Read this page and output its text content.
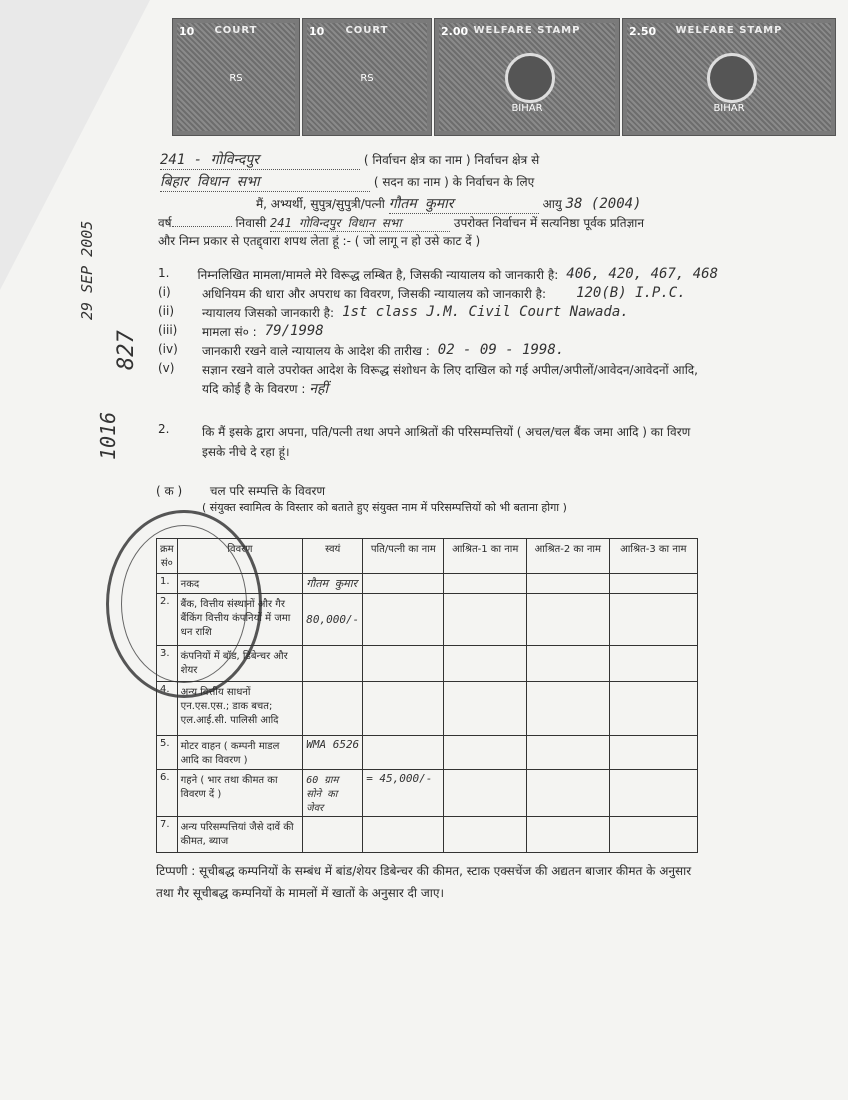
10	COURT
RS
10	COURT
RS
2.00 WELFARE STAMP
BIHAR
2.50	WELFARE STAMP
BIHAR
241 - गोविन्दपुर	( निर्वाचन क्षेत्र का नाम ) निर्वाचन क्षेत्र से
बिहार विधान सभा	( सदन का नाम ) के निर्वाचन के लिए
मैं, अभ्यर्थी, सुपुत्र/सुपुत्री/पत्नी गौतम कुमार	आयु 38 (2004)
वर्ष	निवासी 241 गोविन्दपुर विधान सभा	उपरोक्त निर्वाचन में सत्यनिष्ठा पूर्वक प्रतिज्ञान
और निम्न प्रकार से एतद्द्वारा शपथ लेता हूं :- ( जो लागू न हो उसे काट दें )
29 SEP 2005
1016
827
1.	निम्नलिखित मामला/मामले मेरे विरूद्ध लम्बित है, जिसकी न्यायालय को जानकारी है: 406, 420, 467, 468
(i)	अधिनियम की धारा और अपराध का विवरण, जिसकी न्यायालय को जानकारी है: 120(B) I.P.C.
(ii)	न्यायालय जिसको जानकारी है: 1st class J.M. Civil Court Nawada.
(iii)	मामला सं० : 79/1998
(iv)	जानकारी रखने वाले न्यायालय के आदेश की तारीख : 02 - 09 - 1998.
(v)	सज्ञान रखने वाले उपरोक्त आदेश के विरूद्ध संशोधन के लिए दाखिल को गई अपील/अपीलों/आवेदन/आवेदनों आदि, यदि कोई है के विवरण : नहीं
2.	कि मैं इसके द्वारा अपना, पति/पत्नी तथा अपने आश्रितों की परिसम्पत्तियों ( अचल/चल बैंक जमा आदि ) का विरण इसके नीचे दे रहा हूं।
( क ) चल परि सम्पत्ति के विवरण
( संयुक्त स्वामित्व के विस्तार को बताते हुए संयुक्त नाम में परिसम्पत्तियों को भी बताना होगा )
क्रम सं०	विवरण	स्वयं	पति/पत्नी का नाम	आश्रित-1 का नाम	आश्रित-2 का नाम	आश्रित-3 का नाम
1.	नकद	गौतम कुमार				
2.	बैंक, वित्तीय संस्थानों और गैर बैंकिंग वित्तीय कंपनियों में जमा धन राशि	80,000/-				
3.	कंपनियों में बॉड, डिबेन्चर और शेयर					
4.	अन्य वित्तीय साधनों एन.एस.एस.; डाक बचत; एल.आई.सी. पालिसी आदि					
5.	मोटर वाहन ( कम्पनी माडल आदि का विवरण )	WMA 6526				
6.	गहने ( भार तथा कीमत का विवरण दें )	60 ग्राम सोने का जेवर	= 45,000/-			
7.	अन्य परिसम्पत्तियां जैसे दावें की कीमत, ब्याज					
टिप्पणी : सूचीबद्ध कम्पनियों के सम्बंध में बांड/शेयर डिबेन्चर की कीमत, स्टाक एक्सचेंज की अद्यतन बाजार कीमत के अनुसार तथा गैर सूचीबद्ध कम्पनियों के मामलों में खातों के अनुसार दी जाए।
